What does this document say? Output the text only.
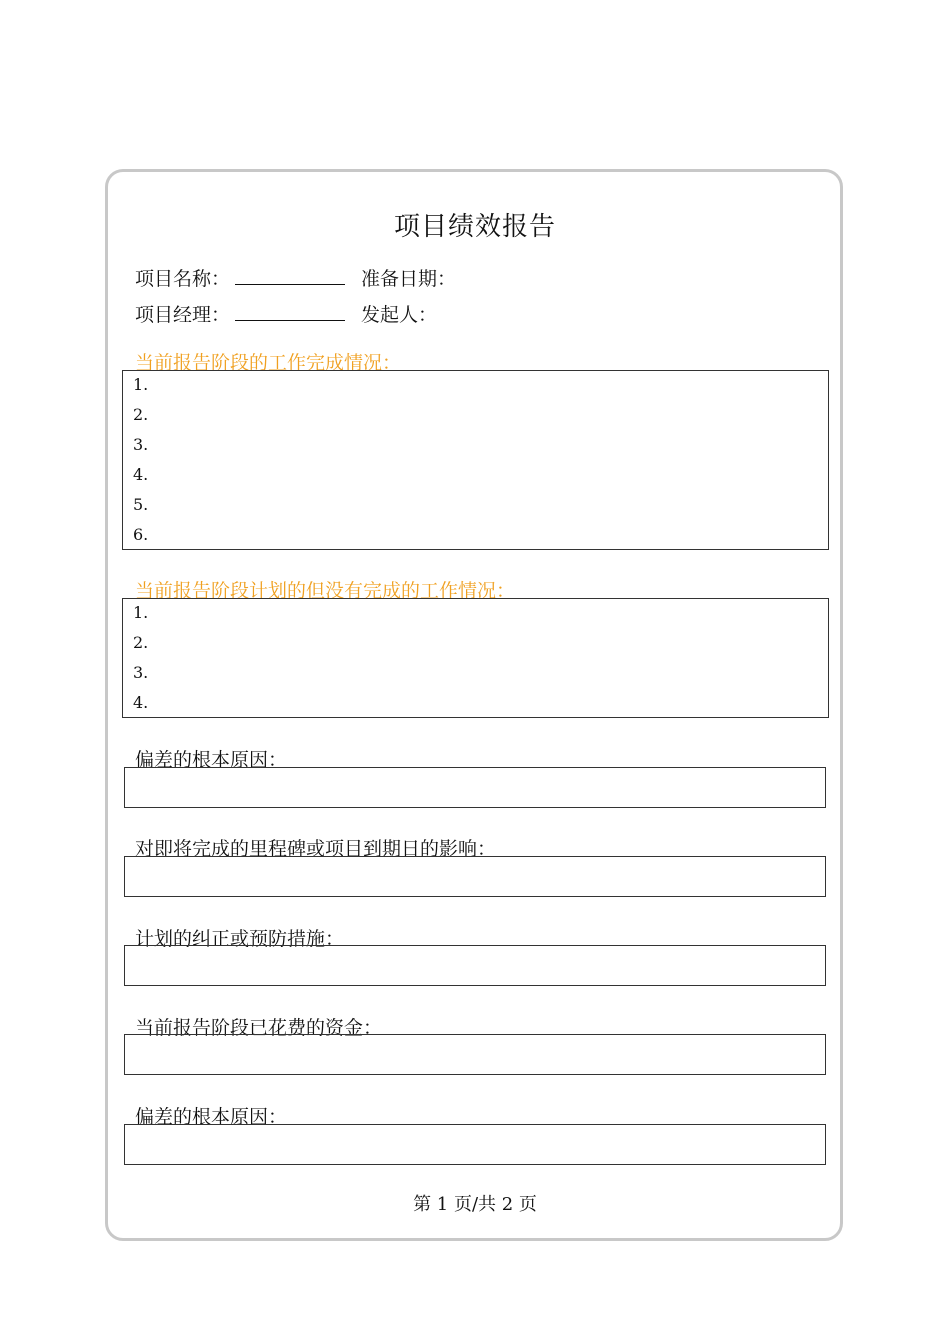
项目绩效报告
项目名称：	准备日期：
项目经理：	发起人：
当前报告阶段的工作完成情况：
1.
2.
3.
4.
5.
6.
当前报告阶段计划的但没有完成的工作情况：
1.
2.
3.
4.
偏差的根本原因：
对即将完成的里程碑或项目到期日的影响：
计划的纠正或预防措施：
当前报告阶段已花费的资金：
偏差的根本原因：
第 1 页/共 2 页
